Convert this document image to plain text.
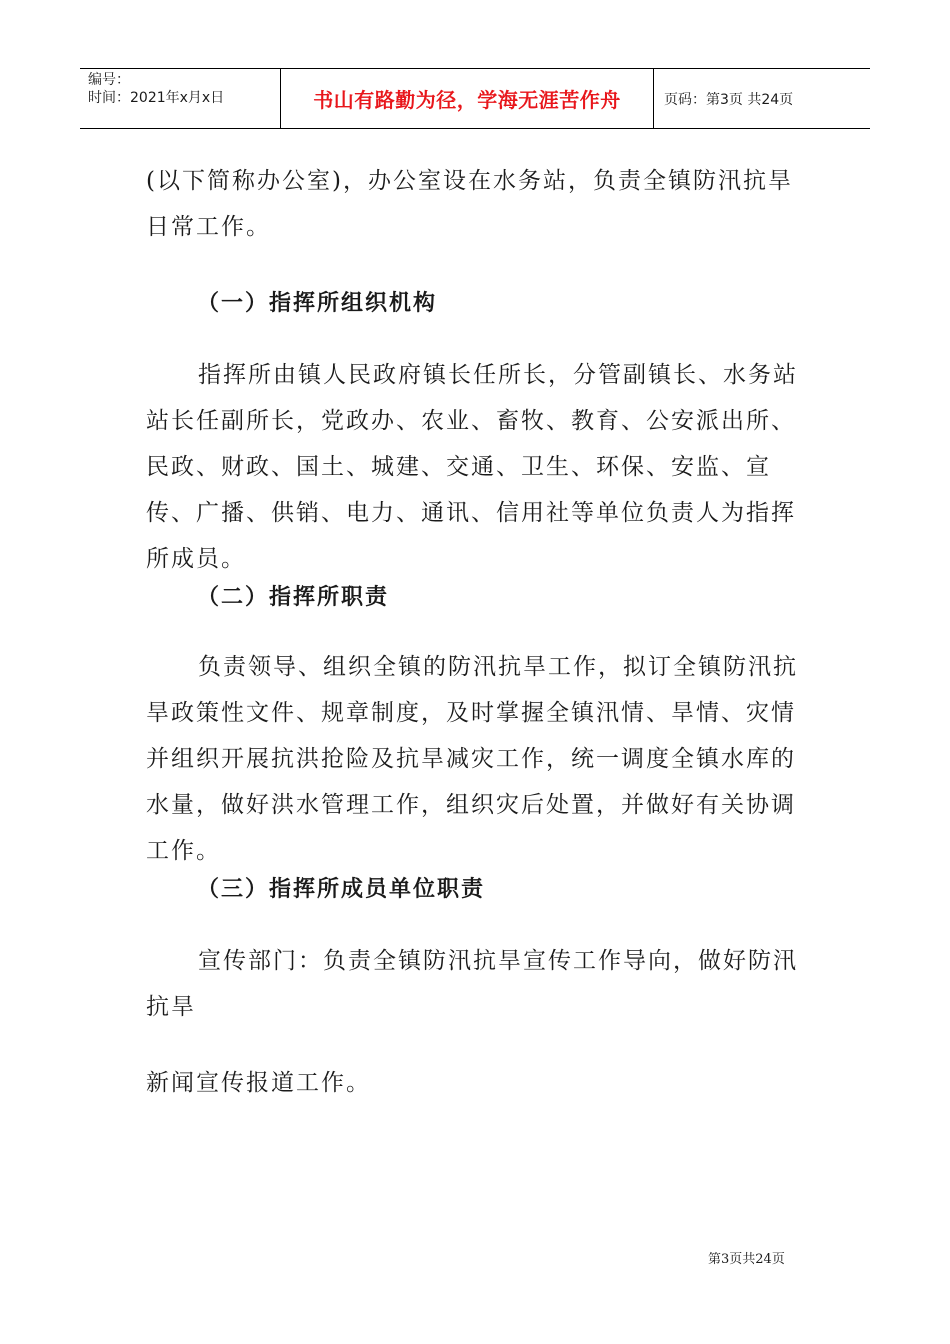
编号：
时间：2021年x月x日	书山有路勤为径，学海无涯苦作舟	页码：第3页 共24页

(以下简称办公室)，办公室设在水务站，负责全镇防汛抗旱日常工作。

（一）指挥所组织机构

指挥所由镇人民政府镇长任所长，分管副镇长、水务站站长任副所长，党政办、农业、畜牧、教育、公安派出所、民政、财政、国土、城建、交通、卫生、环保、安监、宣传、广播、供销、电力、通讯、信用社等单位负责人为指挥所成员。

（二）指挥所职责

负责领导、组织全镇的防汛抗旱工作，拟订全镇防汛抗旱政策性文件、规章制度，及时掌握全镇汛情、旱情、灾情并组织开展抗洪抢险及抗旱减灾工作，统一调度全镇水库的水量，做好洪水管理工作，组织灾后处置，并做好有关协调工作。

（三）指挥所成员单位职责

宣传部门：负责全镇防汛抗旱宣传工作导向，做好防汛抗旱

新闻宣传报道工作。

第3页共24页
